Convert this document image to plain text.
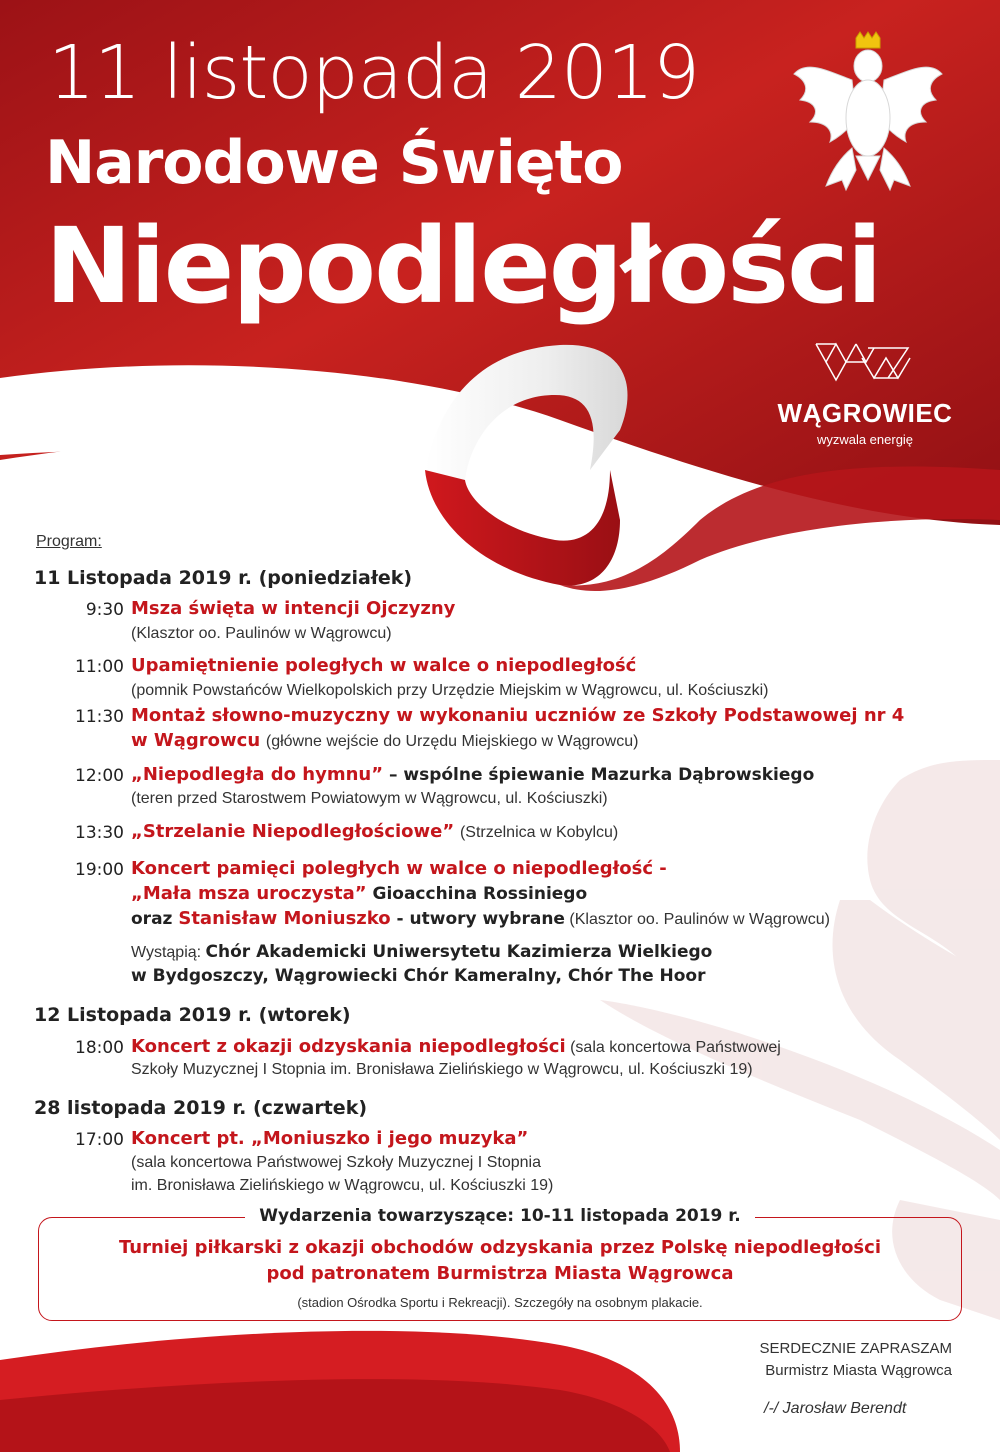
11 listopada 2019
Narodowe Święto
Niepodległości
WĄGROWIEC
wyzwala energię
Program:
11 Listopada 2019 r. (poniedziałek)
9:30 Msza święta w intencji Ojczyzny
(Klasztor oo. Paulinów w Wągrowcu)
11:00 Upamiętnienie poległych w walce o niepodległość
(pomnik Powstańców Wielkopolskich przy Urzędzie Miejskim w Wągrowcu, ul. Kościuszki)
11:30 Montaż słowno-muzyczny w wykonaniu uczniów ze Szkoły Podstawowej nr 4
w Wągrowcu (główne wejście do Urzędu Miejskiego w Wągrowcu)
12:00 „Niepodległa do hymnu” – wspólne śpiewanie Mazurka Dąbrowskiego
(teren przed Starostwem Powiatowym w Wągrowcu, ul. Kościuszki)
13:30 „Strzelanie Niepodległościowe” (Strzelnica w Kobylcu)
19:00 Koncert pamięci poległych w walce o niepodległość -
„Mała msza uroczysta” Gioacchina Rossiniego
oraz Stanisław Moniuszko - utwory wybrane (Klasztor oo. Paulinów w Wągrowcu)
Wystąpią: Chór Akademicki Uniwersytetu Kazimierza Wielkiego
w Bydgoszczy, Wągrowiecki Chór Kameralny, Chór The Hoor
12 Listopada 2019 r. (wtorek)
18:00 Koncert z okazji odzyskania niepodległości (sala koncertowa Państwowej
Szkoły Muzycznej I Stopnia im. Bronisława Zielińskiego w Wągrowcu, ul. Kościuszki 19)
28 listopada 2019 r. (czwartek)
17:00 Koncert pt. „Moniuszko i jego muzyka”
(sala koncertowa Państwowej Szkoły Muzycznej I Stopnia
im. Bronisława Zielińskiego w Wągrowcu, ul. Kościuszki 19)
Wydarzenia towarzyszące: 10-11 listopada 2019 r.
Turniej piłkarski z okazji obchodów odzyskania przez Polskę niepodległości
pod patronatem Burmistrza Miasta Wągrowca
(stadion Ośrodka Sportu i Rekreacji). Szczegóły na osobnym plakacie.
SERDECZNIE ZAPRASZAM
Burmistrz Miasta Wągrowca
/-/ Jarosław Berendt
